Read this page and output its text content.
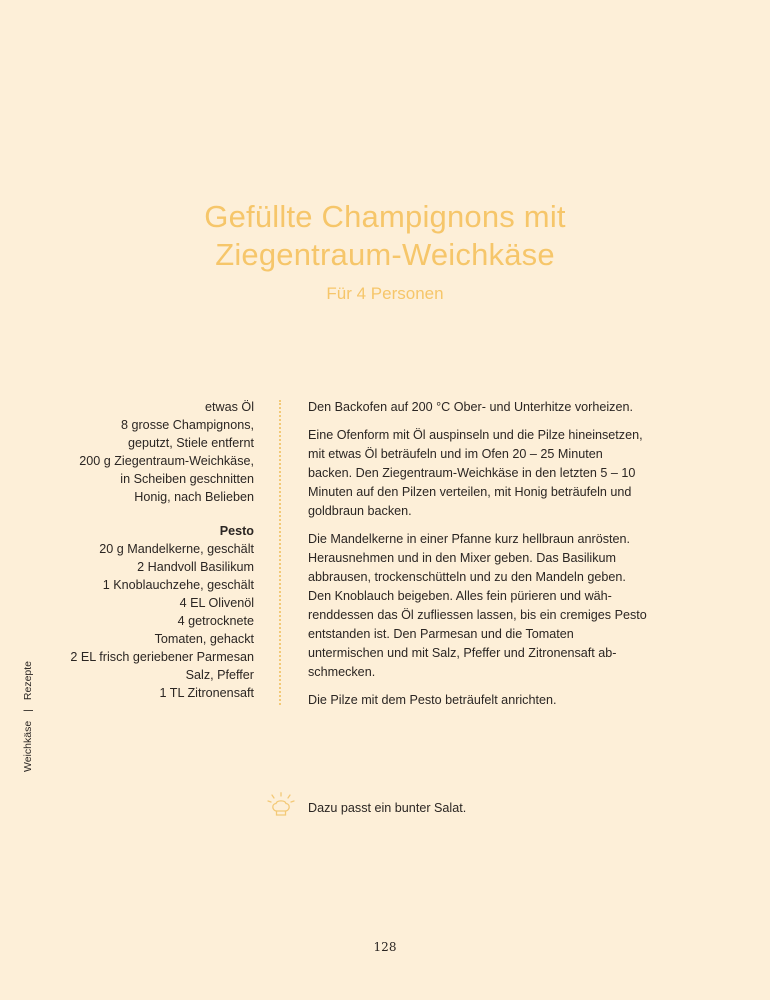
Gefüllte Champignons mit
Ziegentraum-Weichkäse
Für 4 Personen
etwas Öl
8 grosse Champignons,
geputzt, Stiele entfernt
200 g Ziegentraum-Weichkäse,
in Scheiben geschnitten
Honig, nach Belieben
Pesto
20 g Mandelkerne, geschält
2 Handvoll Basilikum
1 Knoblauchzehe, geschält
4 EL Olivenöl
4 getrocknete
Tomaten, gehackt
2 EL frisch geriebener Parmesan
Salz, Pfeffer
1 TL Zitronensaft

Den Backofen auf 200 °C Ober- und Unterhitze vorheizen.

Eine Ofenform mit Öl auspinseln und die Pilze hineinsetzen, mit etwas Öl beträufeln und im Ofen 20 – 25 Minuten backen. Den Ziegentraum-Weichkäse in den letzten 5 – 10 Minuten auf den Pilzen verteilen, mit Honig beträufeln und goldbraun backen.

Die Mandelkerne in einer Pfanne kurz hellbraun anrösten. Herausnehmen und in den Mixer geben. Das Basilikum abbrausen, trockenschütteln und zu den Mandeln geben. Den Knoblauch beigeben. Alles fein pürieren und wäh-renddessen das Öl zufliessen lassen, bis ein cremiges Pesto entstanden ist. Den Parmesan und die Tomaten untermischen und mit Salz, Pfeffer und Zitronensaft ab-schmecken.

Die Pilze mit dem Pesto beträufelt anrichten.

Weichkäse|Rezepte
Dazu passt ein bunter Salat.
128
